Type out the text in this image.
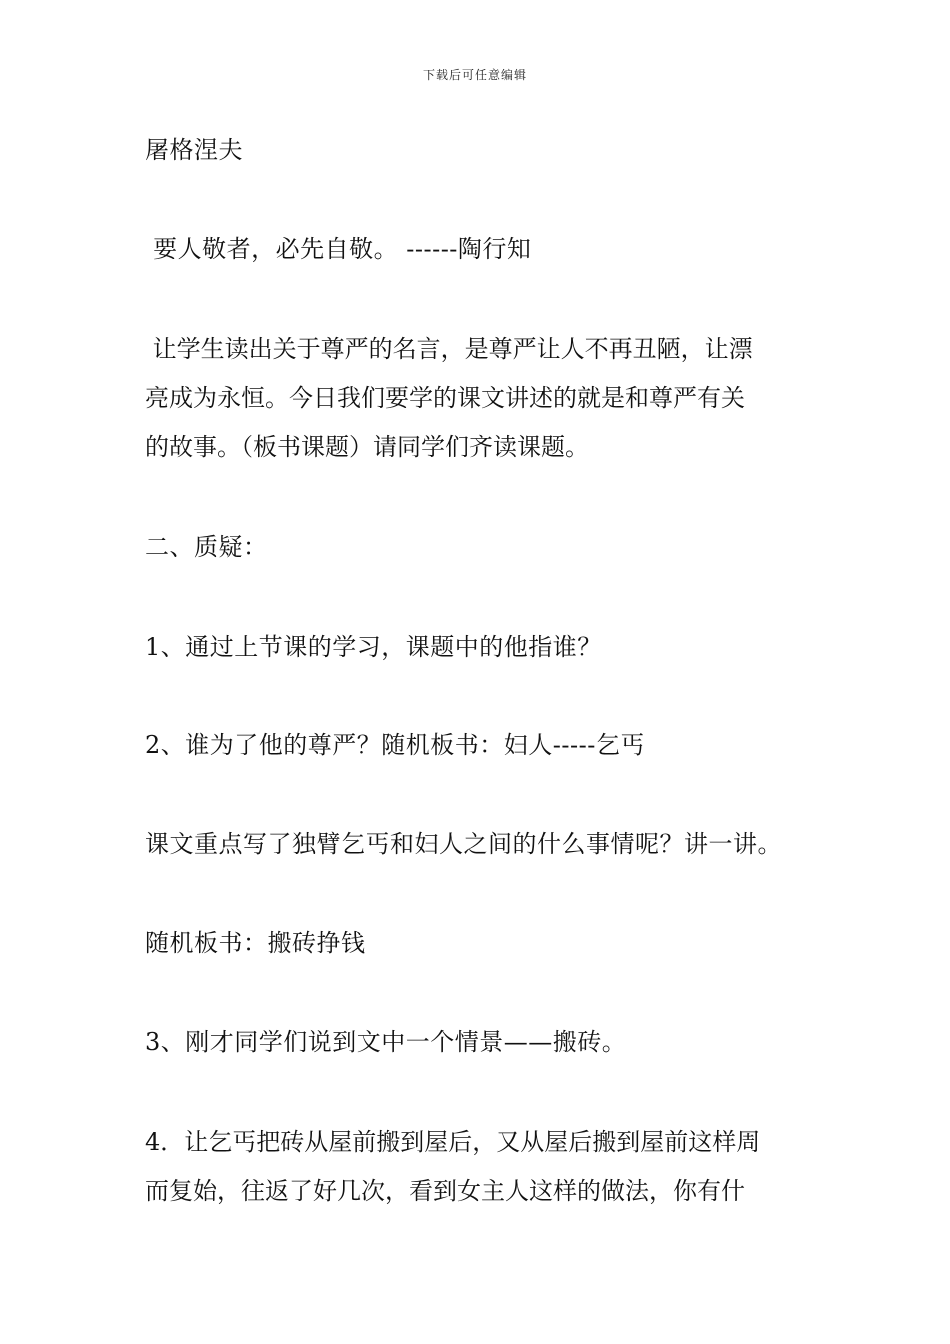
下载后可任意编辑

屠格涅夫

要人敬者，必先自敬。 ------陶行知

让学生读出关于尊严的名言，是尊严让人不再丑陋，让漂
亮成为永恒。今日我们要学的课文讲述的就是和尊严有关
的故事。（板书课题）请同学们齐读课题。

二、质疑：

1、通过上节课的学习，课题中的他指谁？

2、谁为了他的尊严？随机板书：妇人-----乞丐

课文重点写了独臂乞丐和妇人之间的什么事情呢？讲一讲。

随机板书：搬砖挣钱

3、刚才同学们说到文中一个情景——搬砖。

4．让乞丐把砖从屋前搬到屋后，又从屋后搬到屋前这样周
而复始，往返了好几次，看到女主人这样的做法，你有什
